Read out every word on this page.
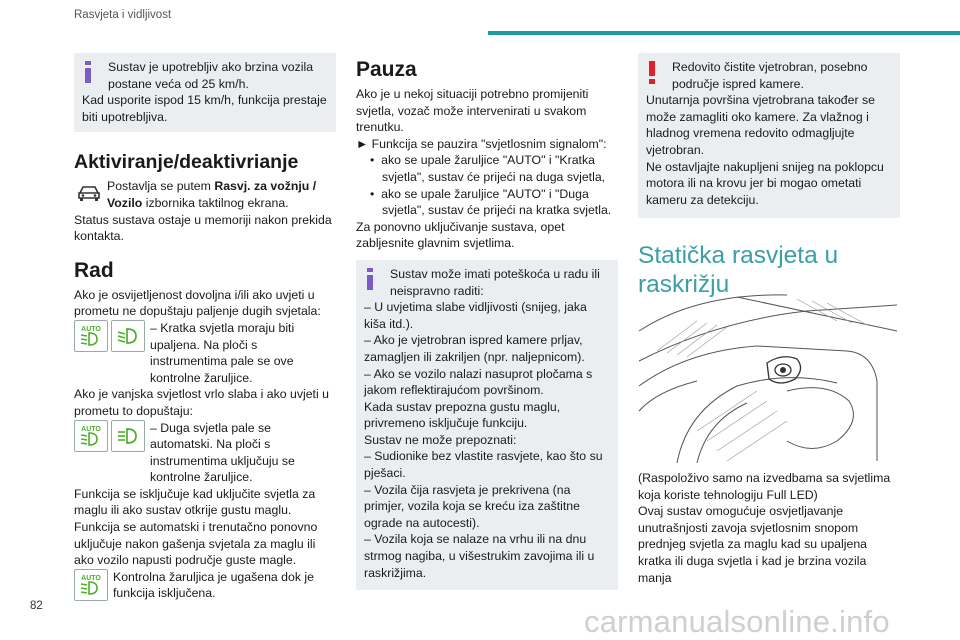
Rasvjeta i vidljivost

Sustav je upotrebljiv ako brzina vozila postane veća od 25 km/h.

Kad usporite ispod 15 km/h, funkcija prestaje biti upotrebljiva.

Aktiviranje/deaktivrianje

Postavlja se putem Rasvj. za vožnju / Vozilo izbornika taktilnog ekrana.

Status sustava ostaje u memoriji nakon prekida kontakta.

Rad

Ako je osvijetljenost dovoljna i/ili ako uvjeti u prometu ne dopuštaju paljenje dugih svjetala:

AUTO	– Kratka svjetla moraju biti upaljena. Na ploči s instrumentima pale se ove kontrolne žaruljice.

Ako je vanjska svjetlost vrlo slaba i ako uvjeti u prometu to dopuštaju:

AUTO	– Duga svjetla pale se automatski. Na ploči s instrumentima uključuju se kontrolne žaruljice.

Funkcija se isključuje kad uključite svjetla za maglu ili ako sustav otkrije gustu maglu.

Funkcija se automatski i trenutačno ponovno uključuje nakon gašenja svjetala za maglu ili ako vozilo napusti područje guste magle.

AUTO Kontrolna žaruljica je ugašena dok je funkcija isključena.

Pauza

Ako je u nekoj situaciji potrebno promijeniti svjetla, vozač može intervenirati u svakom trenutku.

► Funkcija se pauzira "svjetlosnim signalom":

•  ako se upale žaruljice "AUTO" i "Kratka svjetla", sustav će prijeći na duga svjetla,

•  ako se upale žaruljice "AUTO" i "Duga svjetla", sustav će prijeći na kratka svjetla.

Za ponovno uključivanje sustava, opet zabljesnite glavnim svjetlima.

Sustav može imati poteškoća u radu ili neispravno raditi:

– U uvjetima slabe vidljivosti (snijeg, jaka kiša itd.).

– Ako je vjetrobran ispred kamere prljav, zamagljen ili zakriljen (npr. naljepnicom).

– Ako se vozilo nalazi nasuprot pločama s jakom reflektirajućom površinom.

Kada sustav prepozna gustu maglu, privremeno isključuje funkciju.

Sustav ne može prepoznati:

– Sudionike bez vlastite rasvjete, kao što su pješaci.

– Vozila čija rasvjeta je prekrivena (na primjer, vozila koja se kreću iza zaštitne ograde na autocesti).

– Vozila koja se nalaze na vrhu ili na dnu strmog nagiba, u višestrukim zavojima ili u raskrižjima.

Redovito čistite vjetrobran, posebno područje ispred kamere.

Unutarnja površina vjetrobrana također se može zamagliti oko kamere. Za vlažnog i hladnog vremena redovito odmagljujte vjetrobran.

Ne ostavljajte nakupljeni snijeg na poklopcu motora ili na krovu jer bi mogao ometati kameru za detekciju.

Statička rasvjeta u raskrižju

(Raspoloživo samo na izvedbama sa svjetlima koja koriste tehnologiju Full LED)

Ovaj sustav omogućuje osvjetljavanje unutrašnjosti zavoja svjetlosnim snopom prednjeg svjetla za maglu kad su upaljena kratka ili duga svjetla i kad je brzina vozila manja

82	carmanualsonline.info
